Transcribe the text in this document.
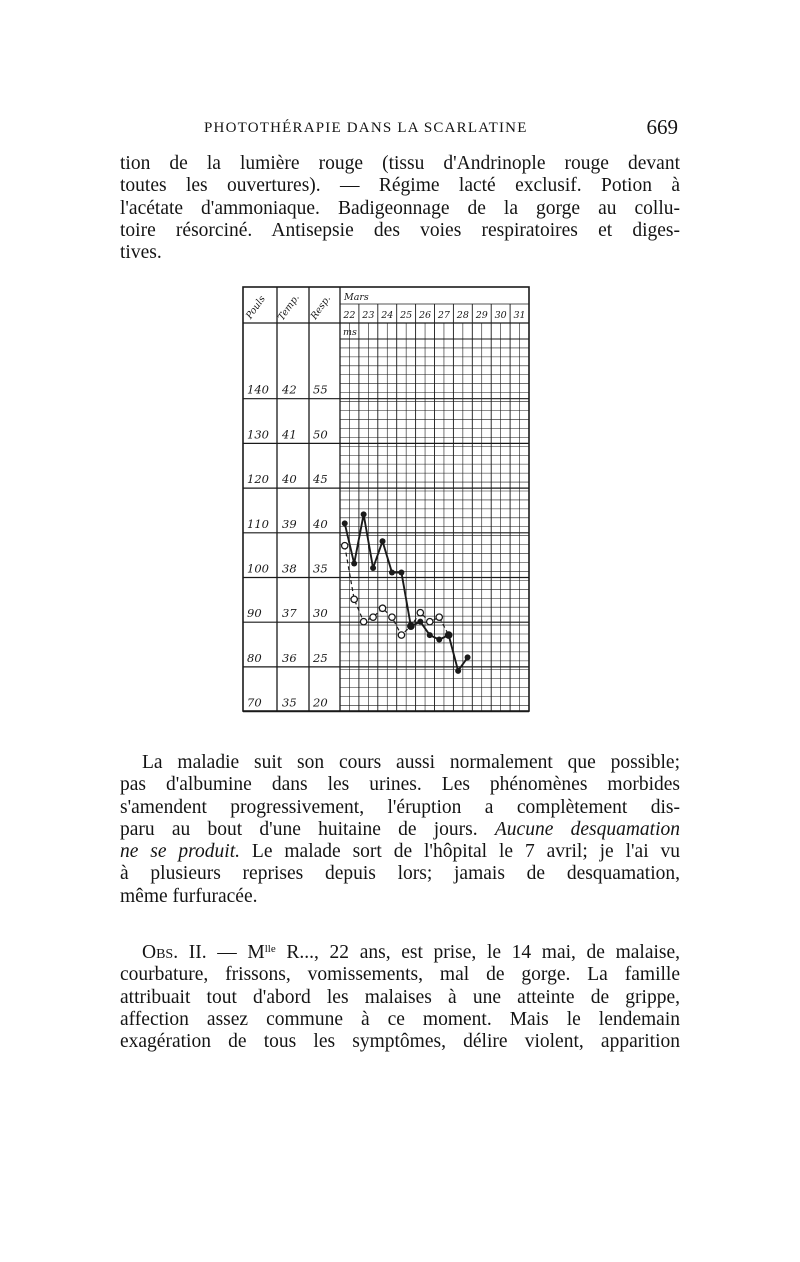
PHOTOTHÉRAPIE DANS LA SCARLATINE	669

tion de la lumière rouge (tissu d'Andrinople rouge devant
toutes les ouvertures). — Régime lacté exclusif. Potion à
l'acétate d'ammoniaque. Badigeonnage de la gorge au collu-
toire résorciné. Antisepsie des voies respiratoires et diges-
tives.

Pouls Temp. Resp. Mars
22 23 24 25 26 27 28 29 30 31
ms
140 42 55
130 41 50
120 40 45
110 39 40
100 38 35
90 37 30
80 36 25
70 35 20

La maladie suit son cours aussi normalement que possible;
pas d'albumine dans les urines. Les phénomènes morbides
s'amendent progressivement, l'éruption a complètement dis-
paru au bout d'une huitaine de jours. Aucune desquamation
ne se produit. Le malade sort de l'hôpital le 7 avril; je l'ai vu
à plusieurs reprises depuis lors; jamais de desquamation,
même furfuracée.

Obs. II. — $M^{lle}$ R..., 22 ans, est prise, le 14 mai, de malaise,
courbature, frissons, vomissements, mal de gorge. La famille
attribuait tout d'abord les malaises à une atteinte de grippe,
affection assez commune à ce moment. Mais le lendemain
exagération de tous les symptômes, délire violent, apparition
